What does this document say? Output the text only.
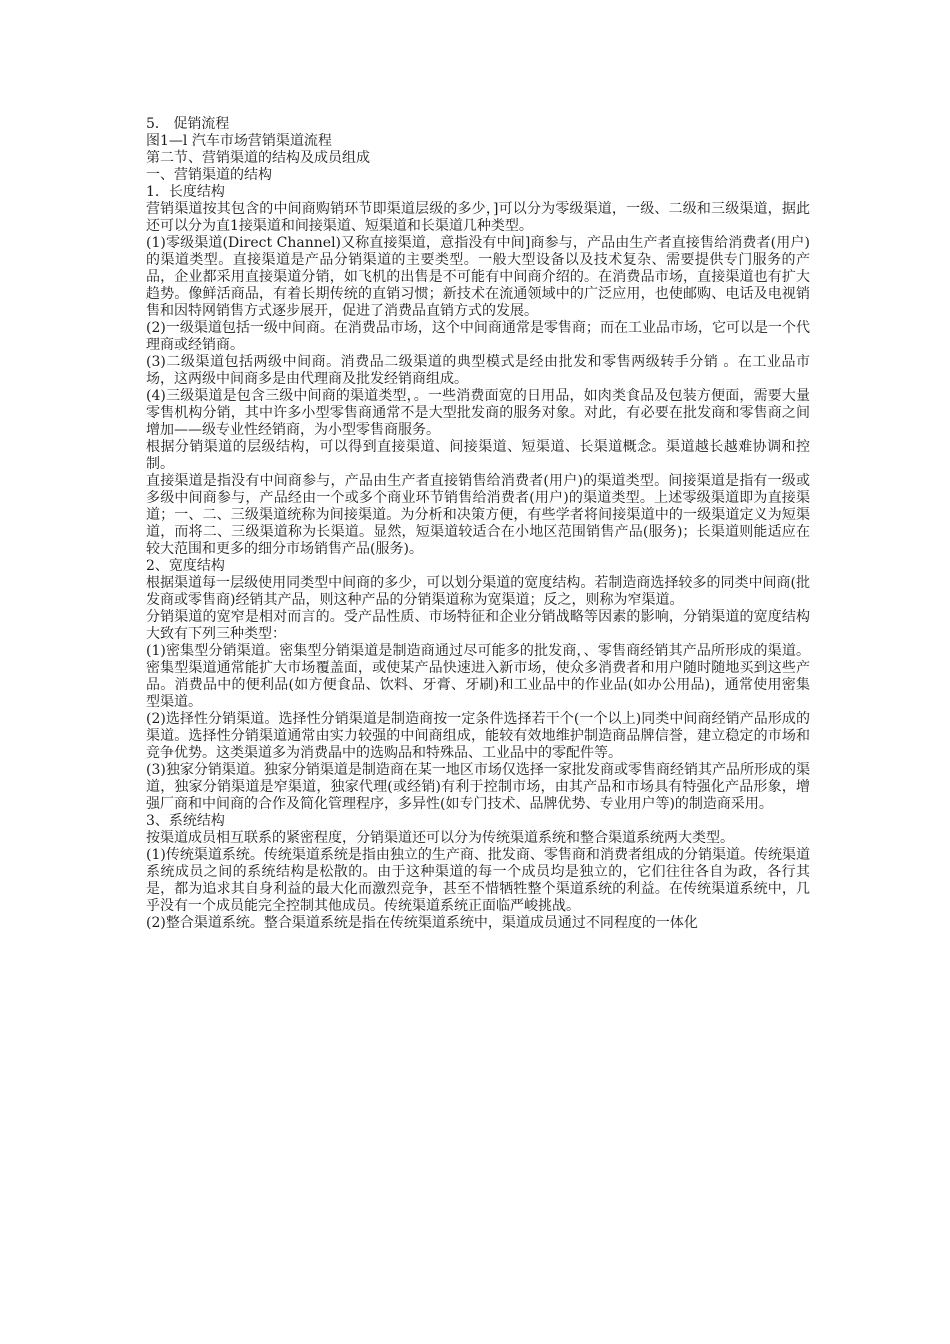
5． 促销流程

图1—l 汽车市场营销渠道流程

第二节、营销渠道的结构及成员组成

一、营销渠道的结构

1．长度结构

营销渠道按其包含的中间商购销环节即渠道层级的多少，]可以分为零级渠道，一级、二级和三级渠道，据此还可以分为直1接渠道和间接渠道、短渠道和长渠道几种类型。

(1)零级渠道(Direct Channel)又称直接渠道，意指没有中间]商参与，产品由生产者直接售给消费者(用户)的渠道类型。直接渠道是产品分销渠道的主要类型。一般大型设备以及技术复杂、需要提供专门服务的产品，企业都采用直接渠道分销，如飞机的出售是不可能有中间商介绍的。在消费品市场，直接渠道也有扩大趋势。像鲜活商品，有着长期传统的直销习惯；新技术在流通领域中的广泛应用，也使邮购、电话及电视销售和因特网销售方式逐步展开，促进了消费品直销方式的发展。

(2)一级渠道包括一级中间商。在消费品市场，这个中间商通常是零售商；而在工业品市场，它可以是一个代理商或经销商。

(3)二级渠道包括两级中间商。消费品二级渠道的典型模式是经由批发和零售两级转手分销 。在工业品市场，这两级中间商多是由代理商及批发经销商组成。

(4)三级渠道是包含三级中间商的渠道类型，。一些消费面宽的日用品，如肉类食品及包装方便面，需要大量零售机构分销，其中许多小型零售商通常不是大型批发商的服务对象。对此，有必要在批发商和零售商之间增加——级专业性经销商，为小型零售商服务。

根据分销渠道的层级结构，可以得到直接渠道、间接渠道、短渠道、长渠道概念。渠道越长越难协调和控制。

直接渠道是指没有中间商参与，产品由生产者直接销售给消费者(用户)的渠道类型。间接渠道是指有一级或多级中间商参与，产品经由一个或多个商业环节销售给消费者(用户)的渠道类型。上述零级渠道即为直接渠道；一、二、三级渠道统称为间接渠道。为分析和决策方便，有些学者将间接渠道中的一级渠道定义为短渠道，而将二、三级渠道称为长渠道。显然，短渠道较适合在小地区范围销售产品(服务)；长渠道则能适应在较大范围和更多的细分市场销售产品(服务)。

2、宽度结构

根据渠道每一层级使用同类型中间商的多少，可以划分渠道的宽度结构。若制造商选择较多的同类中间商(批发商或零售商)经销其产品，则这种产品的分销渠道称为宽渠道；反之，则称为窄渠道。

分销渠道的宽窄是相对而言的。受产品性质、市场特征和企业分销战略等因素的影响，分销渠道的宽度结构大致有下列三种类型：

(1)密集型分销渠道。密集型分销渠道是制造商通过尽可能多的批发商，、零售商经销其产品所形成的渠道。密集型渠道通常能扩大市场覆盖面，或使某产品快速进入新市场，使众多消费者和用户随时随地买到这些产品。消费品中的便利品(如方便食品、饮料、牙膏、牙刷)和工业品中的作业品(如办公用品)，通常使用密集型渠道。

(2)选择性分销渠道。选择性分销渠道是制造商按一定条件选择若干个(一个以上)同类中间商经销产品形成的渠道。选择性分销渠道通常由实力较强的中间商组成，能较有效地维护制造商品牌信誉，建立稳定的市场和竞争优势。这类渠道多为消费晶中的选购品和特殊品、工业品中的零配件等。

(3)独家分销渠道。独家分销渠道是制造商在某一地区市场仅选择一家批发商或零售商经销其产品所形成的渠道，独家分销渠道是窄渠道，独家代理(或经销)有利于控制市场，由其产品和市场具有特强化产品形象，增强厂商和中间商的合作及简化管理程序，多异性(如专门技术、品牌优势、专业用户等)的制造商采用。

3、系统结构

按渠道成员相互联系的紧密程度，分销渠道还可以分为传统渠道系统和整合渠道系统两大类型。

(1)传统渠道系统。传统渠道系统是指由独立的生产商、批发商、零售商和消费者组成的分销渠道。传统渠道系统成员之间的系统结构是松散的。由于这种渠道的每一个成员均是独立的，它们往往各自为政，各行其是，都为追求其自身利益的最大化而激烈竞争，甚至不惜牺牲整个渠道系统的利益。在传统渠道系统中，几乎没有一个成员能完全控制其他成员。传统渠道系统正面临严峻挑战。

(2)整合渠道系统。整合渠道系统是指在传统渠道系统中，渠道成员通过不同程度的一体化
